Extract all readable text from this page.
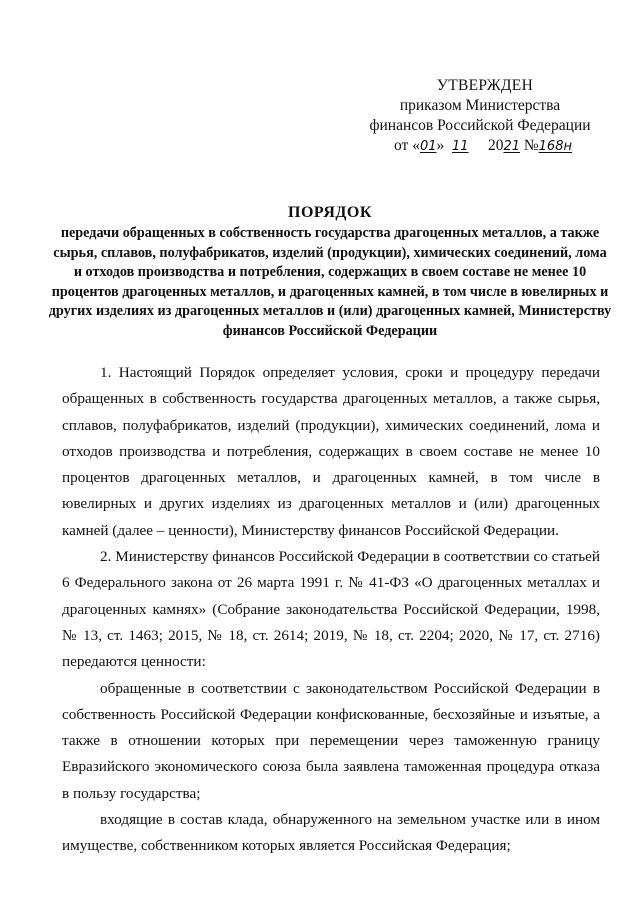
УТВЕРЖДЕН
приказом Министерства
финансов Российской Федерации
от «01» 11 2021 №168н
ПОРЯДОК
передачи обращенных в собственность государства драгоценных металлов, а также сырья, сплавов, полуфабрикатов, изделий (продукции), химических соединений, лома и отходов производства и потребления, содержащих в своем составе не менее 10 процентов драгоценных металлов, и драгоценных камней, в том числе в ювелирных и других изделиях из драгоценных металлов и (или) драгоценных камней, Министерству финансов Российской Федерации

1. Настоящий Порядок определяет условия, сроки и процедуру передачи обращенных в собственность государства драгоценных металлов, а также сырья, сплавов, полуфабрикатов, изделий (продукции), химических соединений, лома и отходов производства и потребления, содержащих в своем составе не менее 10 процентов драгоценных металлов, и драгоценных камней, в том числе в ювелирных и других изделиях из драгоценных металлов и (или) драгоценных камней (далее – ценности), Министерству финансов Российской Федерации.

2. Министерству финансов Российской Федерации в соответствии со статьей 6 Федерального закона от 26 марта 1991 г. № 41-ФЗ «О драгоценных металлах и драгоценных камнях» (Собрание законодательства Российской Федерации, 1998, № 13, ст. 1463; 2015, № 18, ст. 2614; 2019, № 18, ст. 2204; 2020, № 17, ст. 2716) передаются ценности:

обращенные в соответствии с законодательством Российской Федерации в собственность Российской Федерации конфискованные, бесхозяйные и изъятые, а также в отношении которых при перемещении через таможенную границу Евразийского экономического союза была заявлена таможенная процедура отказа в пользу государства;

входящие в состав клада, обнаруженного на земельном участке или в ином имуществе, собственником которых является Российская Федерация;
